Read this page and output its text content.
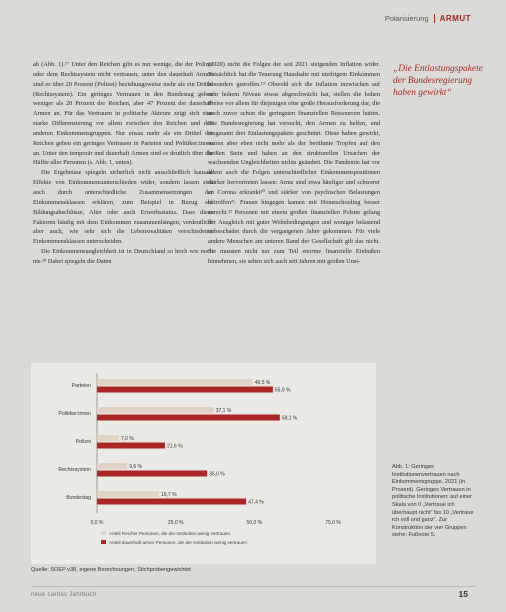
Polarisierung ARMUT

ab (Abb. 1).¹⁷ Unter den Reichen gibt es nur wenige, die der Polizei oder dem Rechtssystem nicht vertrauen; unter den dauerhaft Armen sind es über 20 Prozent (Polizei) beziehungsweise mehr als ein Drittel (Rechtssystem). Ein geringes Vertrauen in den Bundestag geben weniger als 20 Prozent der Reichen, aber 47 Prozent der dauerhaft Armen an. Für das Vertrauen in politische Akteure zeigt sich eine starke Differenzierung vor allem zwischen den Reichen und den anderen Einkommensgruppen. Nur etwas mehr als ein Drittel der Reichen geben ein geringes Vertrauen in Parteien und Politiker:innen an. Unter den temporär und dauerhaft Armen sind es deutlich über die Hälfte aller Personen (s. Abb. 1, unten).

Die Ergebnisse spiegeln sicherlich nicht ausschließlich kausale Effekte von Einkommensunterschieden wider, sondern lassen sich auch durch unterschiedliche Zusammensetzungen der Einkommensklassen erklären, zum Beispiel in Bezug auf Bildungsabschlüsse, Alter oder auch Erwerbsstatus. Dass diese Faktoren häufig mit dem Einkommen zusammenhängen, verdeutlicht aber auch, wie sehr sich die Lebensrealitäten verschiedener Einkommensklassen unterscheiden.

Die Einkommensungleichheit ist in Deutschland so hoch wie noch nie.¹⁸ Dabei spiegeln die Daten

(2020) nicht die Folgen der seit 2021 steigenden Inflation wider. Tatsächlich hat die Teuerung Haushalte mit niedrigem Einkommen besonders getroffen.¹⁹ Obwohl sich die Inflation inzwischen auf sehr hohem Niveau etwas abgeschwächt hat, stellen die hohen Preise vor allem für diejenigen eine große Herausforderung dar, die auch zuvor schon die geringsten finanziellen Ressourcen hatten. Die Bundesregierung hat versucht, den Armen zu helfen, und insgesamt drei Entlastungspakete geschnürt. Diese haben gewirkt, waren aber eben nicht mehr als der berühmte Tropfen auf den heißen Stein und haben an den strukturellen Ursachen der wachsenden Ungleichheiten nichts geändert. Die Pandemie hat vor allem auch die Folgen unterschiedlicher Einkommenspositionen stärker hervortreten lassen: Arme sind etwa häufiger und schwerer an Corona erkrankt²⁰ und stärker von psychischen Belastungen betroffen²¹. Frauen hingegen kamen mit Homeschooling besser zurecht.²² Personen mit einem großen finanziellen Polster gelang der Ausgleich mit guter Wohnbedingungen und weniger belastend unbeschadet durch die vergangenen Jahre gekommen. Für viele andere Menschen am unteren Rand der Gesellschaft gilt das nicht. Sie mussten nicht nur zum Teil enorme finanzielle Einbußen hinnehmen, sie sehen sich auch seit Jahren mit großen Unsi-

„Die Entlastungspakete der Bundesregierung haben gewirkt“
Parteien	49,5 %
55,9 %
Politiker:innen	37,1 %
58,1 %
Polizei	7,0 %
21,6 %
Rechtssystem	9,6 %
35,0 %
Bundestag	19,7 %
47,4 %
0,0 %	25,0 %	50,0 %	75,0 %
Anteil Reicher Personen, die der Institution wenig vertrauen
Anteil dauerhaft armer Personen, die der Institution wenig vertrauen
Abb. 1: Geringes Institutionenvertrauen nach Einkommensgruppe, 2021 (in Prozent). Geringes Vertrauen in politische Institutionen: auf einer Skala von 0 „Vertraue ich überhaupt nicht“ bis 10 „Vertraue ich voll und ganz“. Zur Konstruktion der vier Gruppen siehe: Fußnote 5.
Quelle: SOEP v38, eigene Berechnungen, Stichprobengewichtet
neue caritas Jahrbuch	15
